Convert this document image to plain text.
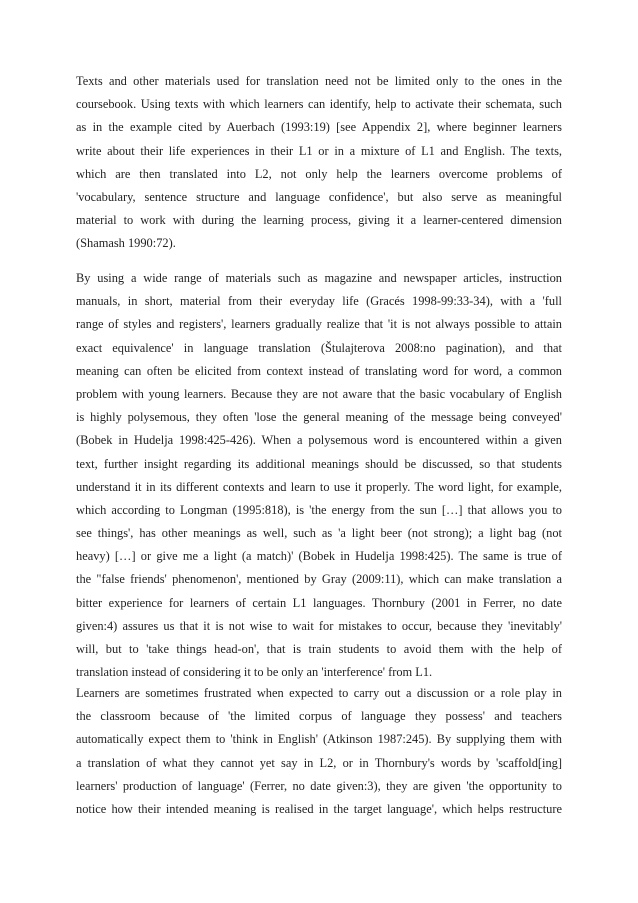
Texts and other materials used for translation need not be limited only to the ones in the
coursebook. Using texts with which learners can identify, help to activate their schemata, such
as in the example cited by Auerbach (1993:19) [see Appendix 2], where beginner learners
write about their life experiences in their L1 or in a mixture of L1 and English. The texts,
which are then translated into L2, not only help the learners overcome problems of
'vocabulary, sentence structure and language confidence', but also serve as meaningful
material to work with during the learning process, giving it a learner-centered dimension
(Shamash 1990:72).
By using a wide range of materials such as magazine and newspaper articles, instruction
manuals, in short, material from their everyday life (Gracés 1998-99:33-34), with a 'full
range of styles and registers', learners gradually realize that 'it is not always possible to attain
exact equivalence' in language translation (Štulajterova 2008:no pagination), and that
meaning can often be elicited from context instead of translating word for word, a common
problem with young learners. Because they are not aware that the basic vocabulary of English
is highly polysemous, they often 'lose the general meaning of the message being conveyed'
(Bobek in Hudelja 1998:425-426). When a polysemous word is encountered within a given
text, further insight regarding its additional meanings should be discussed, so that students
understand it in its different contexts and learn to use it properly. The word light, for example,
which according to Longman (1995:818), is 'the energy from the sun […] that allows you to
see things', has other meanings as well, such as 'a light beer (not strong); a light bag (not
heavy) […] or give me a light (a match)' (Bobek in Hudelja 1998:425). The same is true of
the "false friends' phenomenon', mentioned by Gray (2009:11), which can make translation a
bitter experience for learners of certain L1 languages. Thornbury (2001 in Ferrer, no date
given:4) assures us that it is not wise to wait for mistakes to occur, because they 'inevitably'
will, but to 'take things head-on', that is train students to avoid them with the help of
translation instead of considering it to be only an 'interference' from L1.
Learners are sometimes frustrated when expected to carry out a discussion or a role play in
the classroom because of 'the limited corpus of language they possess' and teachers
automatically expect them to 'think in English' (Atkinson 1987:245). By supplying them with
a translation of what they cannot yet say in L2, or in Thornbury's words by 'scaffold[ing]
learners' production of language' (Ferrer, no date given:3), they are given 'the opportunity to
notice how their intended meaning is realised in the target language', which helps restructure
